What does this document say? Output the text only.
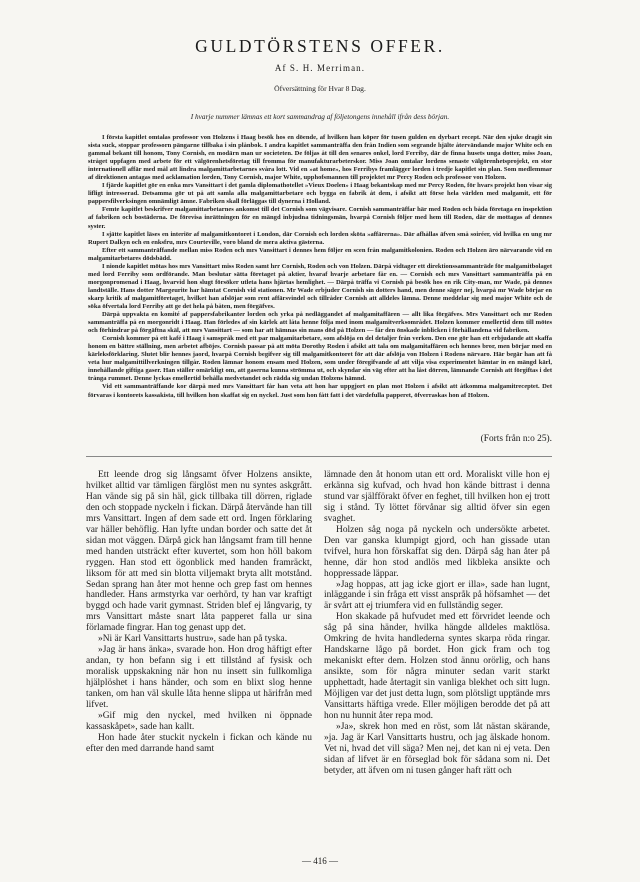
GULDTÖRSTENS OFFER.
Af S. H. Merriman.
Öfversättning för Hvar 8 Dag.
I hvarje nummer lämnas ett kort sammandrag af följetongens innehåll ifrån dess början.

I första kapitlet omtalas professor von Holzens i Haag besök hos en döende, af hvilken han köper för tusen gulden en dyrbart recept. När den sjuke dragit sin sista suck, stoppar professorn pängarne tillbaka i sin plånbok. I andra kapitlet sammanträffa den från Indien som segrande hjälte återvändande major White och en gammal bekant till honom, Tony Cornish, en modärn man ur societeten. De följas åt till den senares onkel, lord Ferriby, där de finna husets unga dotter, miss Joan, stråget uppfagen med arbete för ett välgörenhetsföretag till fromma för manufakturarbeterskor. Miss Joan omtalar lordens senaste välgörenhetsprojekt, en stor internationell affär med mål att lindra malgamittarbetarnes svåra lott. Vid en »at home», hos Ferribys framlägger lorden i tredje kapitlet sin plan. Som medlemmar af direktionen antagas med acklamation lorden, Tony Cornish, major White, upphofsmannen till projektet mr Percy Roden och professor von Holzen.

I fjärde kapitlet gör en enka mrs Vansittart i det gamla diplomathotellet »Vieux Doelen» i Haag bekantskap med mr Percy Roden, för hvars projekt hon visar sig lifligt intresserad. Detsamma gör ut på att samla alla malgamittarbetare och bygga en fabrik åt dem, i afsikt att förse hela världen med malgamit, ett för pappersfilverksingen omnämligt ämne. Fabriken skall förläggas till dynerna i Holland.

Femte kapitlet beskrifver malgamittarbetarnes ankomst till det Cornish som vägvisare. Cornish sammanträffar här med Roden och båda företaga en inspektion af fabriken och bostäderna. De förevisa inrättningen för en mängd inbjudna tidningsmän, hvarpå Cornish följer med hem till Roden, där de mottagas af dennes syster.

I sjätte kapitlet läses en interiör af malgamitkontoret i London, där Cornish och lorden sköta »affärerna». Där afhållas äfven små soiréer, vid hvilka en ung mr Rupert Dalkyn och en enksfru, mrs Courteville, voro bland de mera aktiva gästerna.

Efter ett sammanträffande mellan miss Roden och mrs Vansittart i dennes hem följer en scen från malgamitkolonien. Roden och Holzen äro närvarande vid en malgamitarbetares dödsbädd.

I nionde kapitlet mötas hos mrs Vansittart miss Roden samt hrr Cornish, Roden och von Holzen. Därpå vidtager ett direktionssammanträde för malgamitbolaget med lord Ferriby som ordförande. Man beslutar sätta företaget på aktier, hvaraf hvarje arbetare får en. — Cornish och mrs Vansittart sammanträffa på en morgonpromenad i Haag, hvarvid hon slugt försöker utleta hans hjärtas hemlighet. — Därpå träffa vi Cornish på besök hos en rik City-man, mr Wade, på dennes landtställe. Hans dotter Margeurite har hämtat Cornish vid stationen. Mr Wade erbjuder Cornish sin dotters hand, men denne säger nej, hvarpå mr Wade börjar en skarp kritik af malgamitföretaget, hvilket han afslöjar som rent affärsvindel och tillråder Cornish att alldeles lämna. Denne meddelar sig med major White och de söka öfvertala lord Ferriby att ge det hela på båten, men förgäfves.

Därpå uppvakta en komité af pappersfabrikanter lorden och yrka på nedläggandet af malgamitaffären — allt lika förgäfves. Mrs Vansittart och mr Roden sammanträffa på en morgonridt i Haag. Han förledes af sin kärlek att låta henne följa med inom malgamitverksområdet. Holzen kommer emellertid dem till mötes och förhindrar på förgäftna skäl, att mrs Vansittart — som har att hämnas sin mans död på Holzen — får den önskade inblicken i förhållandena vid fabriken.

Cornish kommer på ett kafé i Haag i samspråk med ett par malgamitarbetare, som afslöja en del detaljer från verken. Den ene gör han ett erbjudande att skaffa honom en bättre ställning, men arbetet afböjes. Cornish passar på att möta Dorothy Roden i afsikt att tala om malgamitaffären och hennes bror, men börjar med en kärleksförklaring. Slutet blir hennes jaord, hvarpå Cornish begifver sig till malgamitkontoret för att där afslöja von Holzen i Rodens närvaro. Här begär han att få veta hur malgamittillverkningen tillgår. Roden lämnar honom ensam med Holzen, som under föregifvande af att vilja visa experimentet hämtar in en mängd kärl, innehållande giftiga gaser. Han ställer omärkligt om, att gaserna kunna strömma ut, och skyndar sin väg efter att ha låst dörren, lämnande Cornish att förgiftas i det trånga rummet. Denne lyckas emellertid behålla medvetandet och rädda sig undan Holzens hämnd.

Vid ett sammanträffande kor därpå med mrs Vansittart får han veta att hon har uppgjort en plan mot Holzen i afsikt att åtkomma malgamitreceptet. Det förvaras i kontorets kassakista, till hvilken hon skaffat sig en nyckel. Just som hon fått fatt i det värdefulla papperet, öfverraskas hon af Holzen.

(Forts från n:o 25).

Ett leende drog sig långsamt öfver Holzens ansikte, hvilket alltid var tämligen färglöst men nu syntes askgrått. Han vände sig på sin häl, gick tillbaka till dörren, riglade den och stoppade nyckeln i fickan. Därpå återvände han till mrs Vansittart. Ingen af dem sade ett ord. Ingen förklaring var häller behöflig. Han lyfte undan border och satte det åt sidan mot väggen. Därpå gick han långsamt fram till henne med handen utsträckt efter kuvertet, som hon höll bakom ryggen. Han stod ett ögonblick med handen framräckt, liksom för att med sin blotta viljemakt bryta allt motstånd. Sedan sprang han åter mot henne och grep fast om hennes handleder. Hans armstyrka var oerhörd, ty han var kraftigt byggd och hade varit gymnast. Striden blef ej långvarig, ty mrs Vansittart måste snart låta papperet falla ur sina förlamade fingrar. Han tog genast upp det.

»Ni är Karl Vansittarts hustru», sade han på tyska.

»Jag är hans änka», svarade hon. Hon drog häftigt efter andan, ty hon befann sig i ett tillstånd af fysisk och moralisk uppskakning när hon nu insett sin fullkomliga hjälplöshet i hans händer, och som en blixt slog henne tanken, om han väl skulle låta henne slippa ut härifrån med lifvet.

»Gif mig den nyckel, med hvilken ni öppnade kassaskåpet», sade han kallt.

Hon hade åter stuckit nyckeln i fickan och kände nu efter den med darrande hand samt

lämnade den åt honom utan ett ord. Moraliskt ville hon ej erkänna sig kufvad, och hvad hon kände bittrast i denna stund var själfförakt öfver en feghet, till hvilken hon ej trott sig i stånd. Ty löttet förvånar sig alltid öfver sin egen svaghet.

Holzen såg noga på nyckeln och undersökte arbetet. Den var ganska klumpigt gjord, och han gissade utan tvifvel, hura hon förskaffat sig den. Därpå såg han åter på henne, där hon stod andlös med likbleka ansikte och hoppressade läppar.

»Jag hoppas, att jag icke gjort er illa», sade han lugnt, inläggande i sin fråga ett visst anspråk på höfsamhet — det är svårt att ej triumfera vid en fullständig seger.

Hon skakade på hufvudet med ett förvridet leende och såg på sina händer, hvilka hängde alldeles maktlösa. Omkring de hvita handlederna syntes skarpa röda ringar. Handskarne lågo på bordet. Hon gick fram och tog mekaniskt efter dem. Holzen stod ännu orörlig, och hans ansikte, som för några minuter sedan varit starkt upphettadt, hade återtagit sin vanliga blekhet och sitt lugn. Möjligen var det just detta lugn, som plötsligt upptände mrs Vansittarts häftiga vrede. Eller möjligen berodde det på att hon nu hunnit åter repa mod.

»Ja», skrek hon med en röst, som låt nästan skärande, »ja. Jag är Karl Vansittarts hustru, och jag älskade honom. Vet ni, hvad det vill säga? Men nej, det kan ni ej veta. Den sidan af lifvet är en förseglad bok för sådana som ni. Det betyder, att äfven om ni tusen gånger haft rätt och

— 416 —
